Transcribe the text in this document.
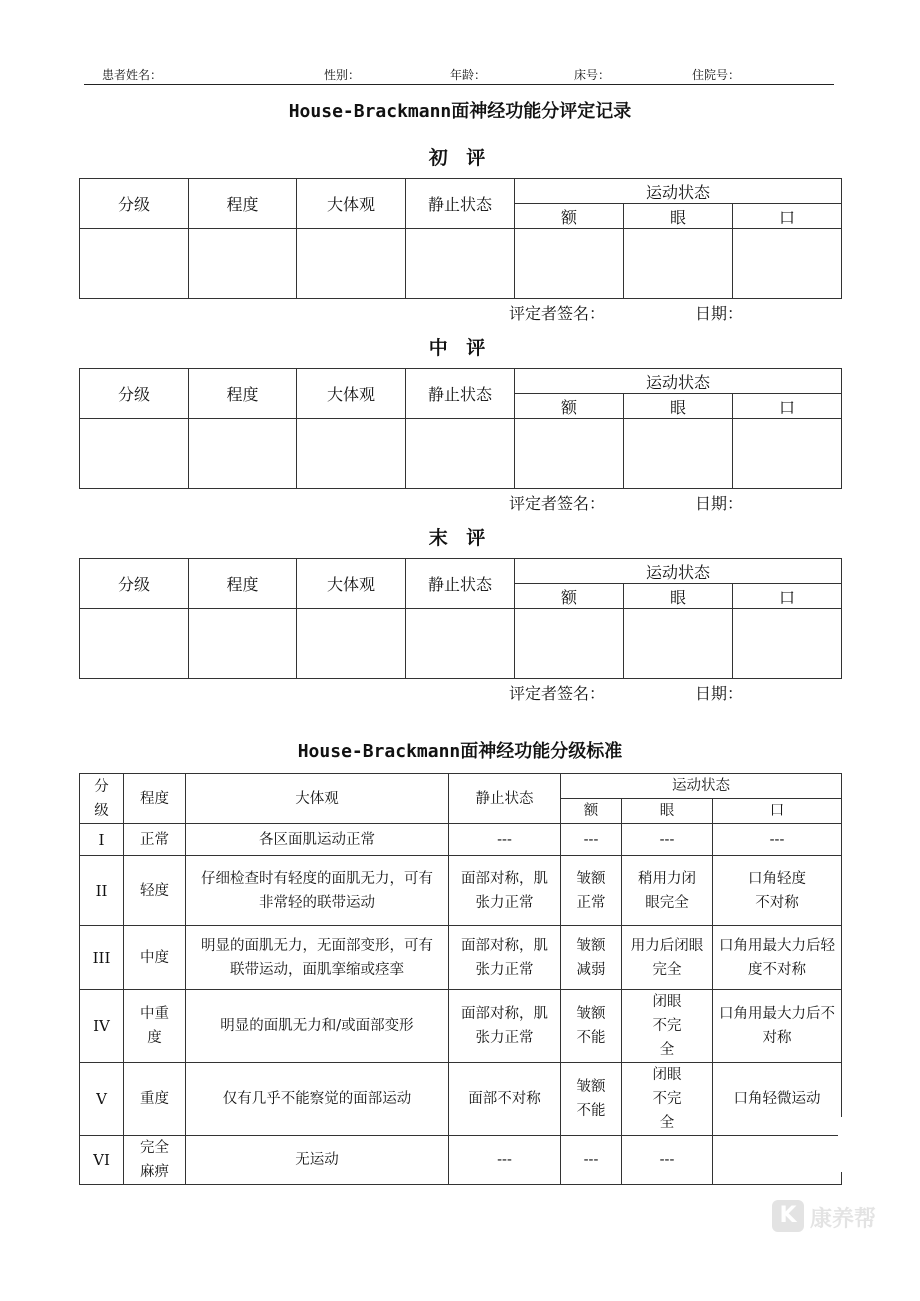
患者姓名：	性别：	年龄：	床号：	住院号：
House-Brackmann面神经功能分评定记录
初 评
分级	程度	大体观	静止状态	运动状态		
				额	眼	口

评定者签名：	日期：
中 评
分级	程度	大体观	静止状态	运动状态		
				额	眼	口

评定者签名：	日期：
末 评
分级	程度	大体观	静止状态	运动状态		
				额	眼	口

评定者签名：	日期：
House-Brackmann面神经功能分级标准
分级	程度	大体观	静止状态	运动状态		
				额	眼	口
I	正常	各区面肌运动正常	---	---	---	---
II	轻度	仔细检查时有轻度的面肌无力，可有非常轻的联带运动	面部对称，肌张力正常	皱额正常	稍用力闭眼完全	口角轻度不对称
III	中度	明显的面肌无力，无面部变形，可有联带运动，面肌挛缩或痉挛	面部对称，肌张力正常	皱额减弱	用力后闭眼完全	口角用最大力后轻度不对称
IV	中重度	明显的面肌无力和/或面部变形	面部对称，肌张力正常	皱额不能	闭眼不完全	口角用最大力后不对称
V	重度	仅有几乎不能察觉的面部运动	面部不对称	皱额不能	闭眼不完全	口角轻微运动
VI	完全麻痹	无运动	---	---	---	
K 康养帮
